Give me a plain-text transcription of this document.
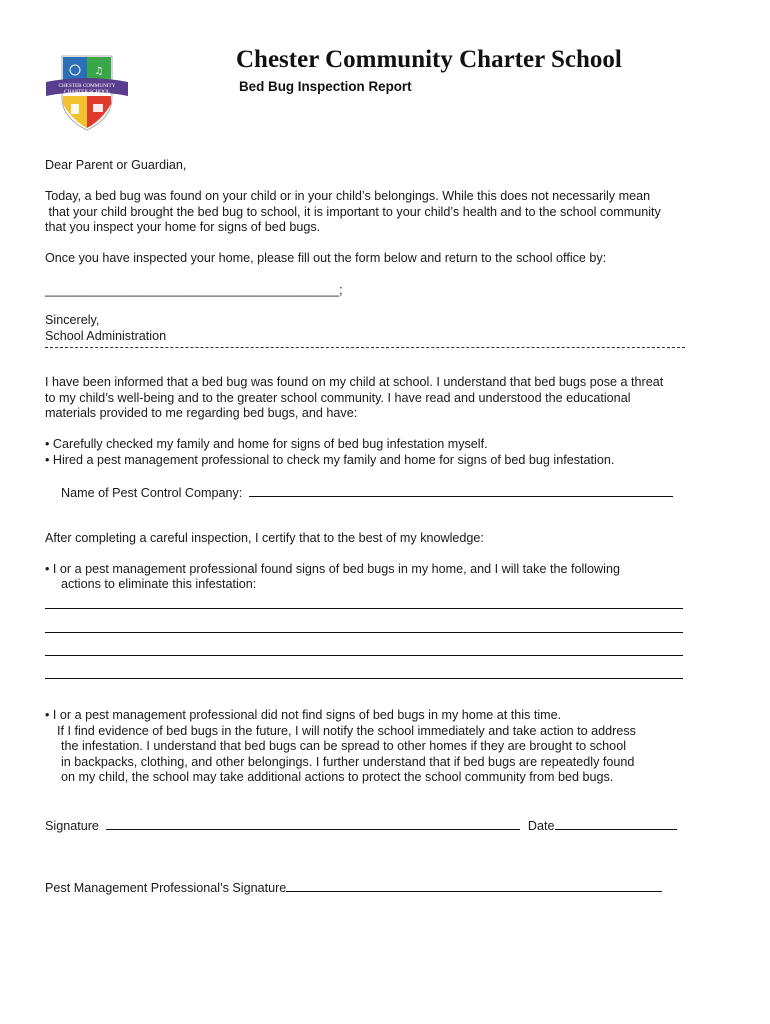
CHESTER COMMUNITY
CHARTER SCHOOL
♫	Chester Community Charter School
Bed Bug Inspection Report
Dear Parent or Guardian,
Today, a bed bug was found on your child or in your child’s belongings. While this does not necessarily mean
that your child brought the bed bug to school, it is important to your child’s health and to the school community
that you inspect your home for signs of bed bugs.
Once you have inspected your home, please fill out the form below and return to the school office by:
__________________________________________;
Sincerely,
School Administration
I have been informed that a bed bug was found on my child at school. I understand that bed bugs pose a threat
to my child’s well-being and to the greater school community. I have read and understood the educational
materials provided to me regarding bed bugs, and have:
• Carefully checked my family and home for signs of bed bug infestation myself.
• Hired a pest management professional to check my family and home for signs of bed bug infestation.
Name of Pest Control Company:
After completing a careful inspection, I certify that to the best of my knowledge:
• I or a pest management professional found signs of bed bugs in my home, and I will take the following
actions to eliminate this infestation:
• I or a pest management professional did not find signs of bed bugs in my home at this time.
If I find evidence of bed bugs in the future, I will notify the school immediately and take action to address
the infestation. I understand that bed bugs can be spread to other homes if they are brought to school
in backpacks, clothing, and other belongings. I further understand that if bed bugs are repeatedly found
on my child, the school may take additional actions to protect the school community from bed bugs.
Signature	Date
Pest Management Professional’s Signature
